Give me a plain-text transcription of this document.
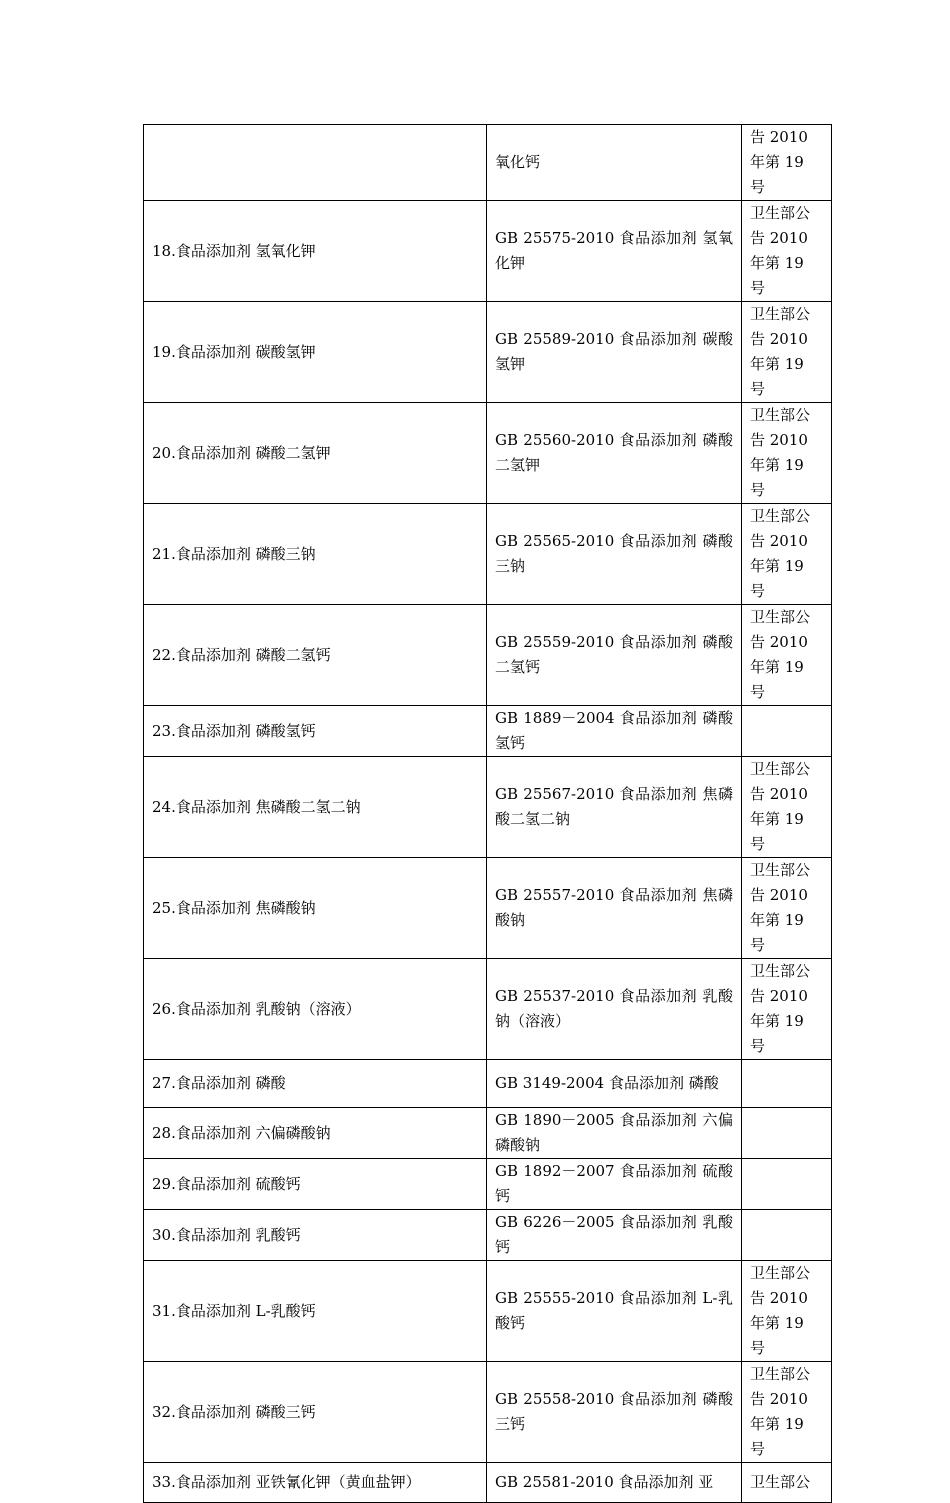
	氧化钙	告 2010 年第 19 号
18.食品添加剂 氢氧化钾	GB 25575-2010 食品添加剂 氢氧化钾	卫生部公告 2010 年第 19 号
19.食品添加剂 碳酸氢钾	GB 25589-2010 食品添加剂 碳酸氢钾	卫生部公告 2010 年第 19 号
20.食品添加剂 磷酸二氢钾	GB 25560-2010 食品添加剂 磷酸二氢钾	卫生部公告 2010 年第 19 号
21.食品添加剂 磷酸三钠	GB 25565-2010 食品添加剂 磷酸三钠	卫生部公告 2010 年第 19 号
22.食品添加剂 磷酸二氢钙	GB 25559-2010 食品添加剂 磷酸二氢钙	卫生部公告 2010 年第 19 号
23.食品添加剂 磷酸氢钙	GB 1889－2004 食品添加剂 磷酸氢钙	
24.食品添加剂 焦磷酸二氢二钠	GB 25567-2010 食品添加剂 焦磷酸二氢二钠	卫生部公告 2010 年第 19 号
25.食品添加剂 焦磷酸钠	GB 25557-2010 食品添加剂 焦磷酸钠	卫生部公告 2010 年第 19 号
26.食品添加剂 乳酸钠（溶液）	GB 25537-2010 食品添加剂 乳酸钠（溶液）	卫生部公告 2010 年第 19 号
27.食品添加剂 磷酸	GB 3149-2004 食品添加剂 磷酸	
28.食品添加剂 六偏磷酸钠	GB 1890－2005 食品添加剂 六偏磷酸钠	
29.食品添加剂 硫酸钙	GB 1892－2007 食品添加剂 硫酸钙	
30.食品添加剂 乳酸钙	GB 6226－2005 食品添加剂 乳酸钙	
31.食品添加剂 L-乳酸钙	GB 25555-2010 食品添加剂 L-乳酸钙	卫生部公告 2010 年第 19 号
32.食品添加剂 磷酸三钙	GB 25558-2010 食品添加剂 磷酸三钙	卫生部公告 2010 年第 19 号
33.食品添加剂 亚铁氰化钾（黄血盐钾）	GB 25581-2010 食品添加剂 亚	卫生部公
